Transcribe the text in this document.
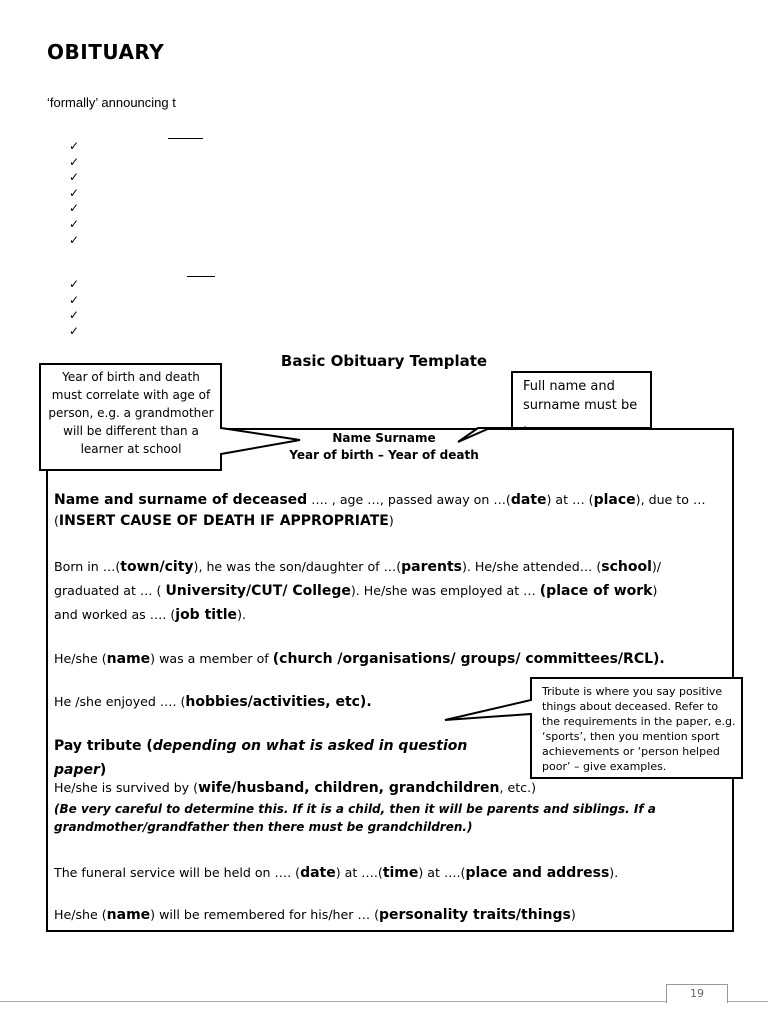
OBITUARY
‘formally’ announcing t
✓
✓
✓
✓
✓
✓
✓
✓
✓
✓
✓
Basic Obituary Template
Year of birth and death must correlate with age of person, e.g. a grandmother will be different than a learner at school
Full name and
surname must be
.
Name Surname
Year of birth – Year of death
Name and surname of deceased …. , age …, passed away on …(date) at … (place), due to …
(INSERT CAUSE OF DEATH IF APPROPRIATE)
Born in …(town/city), he was the son/daughter of …(parents). He/she attended… (school)/
graduated at … ( University/CUT/ College). He/she was employed at … (place of work)
and worked as …. (job title).
He/she (name) was a member of (church /organisations/ groups/ committees/RCL).
He /she enjoyed …. (hobbies/activities, etc).
Pay tribute (depending on what is asked in question paper)
Tribute is where you say positive things about deceased. Refer to the requirements in the paper, e.g. ‘sports’, then you mention sport achievements or ‘person helped poor’ – give examples.
He/she is survived by (wife/husband, children, grandchildren, etc.)
(Be very careful to determine this. If it is a child, then it will be parents and siblings. If a grandmother/grandfather then there must be grandchildren.)
The funeral service will be held on …. (date) at ….(time) at ….(place and address).
He/she (name) will be remembered for his/her … (personality traits/things)
19
